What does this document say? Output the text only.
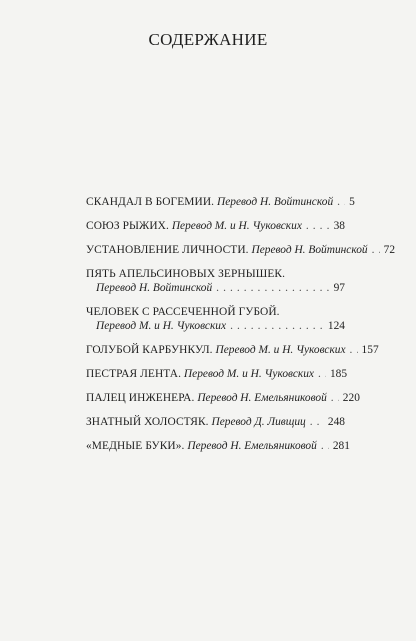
СОДЕРЖАНИЕ
СКАНДАЛ В БОГЕМИИ.
Перевод Н. Войтинской . . . 5
СОЮЗ РЫЖИХ.
Перевод М. и Н. Чуковских . . .	38
УСТАНОВЛЕНИЕ ЛИЧНОСТИ.
Перевод Н. Войтинской . . . 72
ПЯТЬ АПЕЛЬСИНОВЫХ ЗЕРНЫШЕК.
Перевод Н. Войтинской . . .	97
ЧЕЛОВЕК С РАССЕЧЕННОЙ ГУБОЙ.
Перевод М. и Н. Чуковских . . .	124
ГОЛУБОЙ КАРБУНКУЛ.
Перевод М. и Н. Чуковских . . . 157
ПЕСТРАЯ ЛЕНТА.
Перевод М. и Н. Чуковских . . . 185
ПАЛЕЦ ИНЖЕНЕРА.
Перевод Н. Емельяниковой . . . 220
ЗНАТНЫЙ ХОЛОСТЯК.
Перевод Д. Ливщиц . . . 248
«МЕДНЫЕ БУКИ».
Перевод Н. Емельяниковой . . . 281
